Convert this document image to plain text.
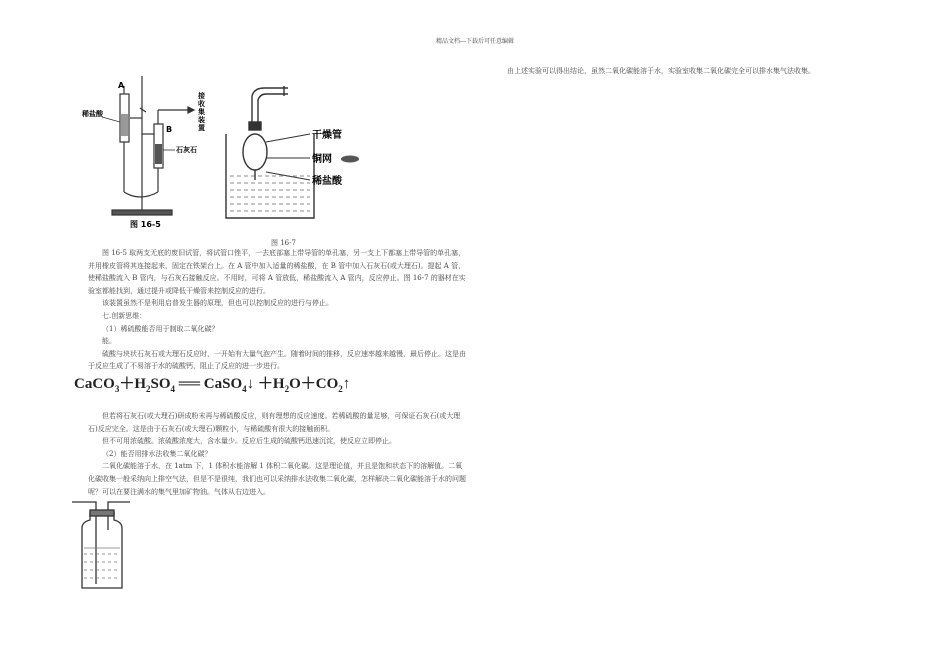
精品文档---下载后可任意编辑
由上述实验可以得出结论，虽然二氧化碳能溶于水，实验室收集二氧化碳完全可以排水集气法收集。
A
B
稀盐酸
石灰石
接
收
集
装
置
图 16-5
干燥管
铜网
稀盐酸
图 16-7

图 16-5 取两支无底的废旧试管，将试管口锉平，一去底部塞上带导管的单孔塞，另一支上下都塞上带导管的单孔塞，并用橡皮管将其连接起来，固定在铁架台上。在 A 管中加入适量的稀盐酸，在 B 管中加入石灰石(或大理石)。提起 A 管，使稀盐酸流入 B 管内，与石灰石接触反应。不用时，可将 A 管放低，稀盐酸流入 A 管内，反应停止。图 16-7 的器材在实验室都能找到，通过提升或降低干燥管来控制反应的进行。

该装置虽然不是利用启普发生器的原理，但也可以控制反应的进行与停止。

七.创新思维：

（1）稀硫酸能否用于制取二氧化碳？

能。

硫酸与块状石灰石或大理石反应时，一开始有大量气泡产生。随着时间的推移，反应速率越来越慢，最后停止。这是由于反应生成了不易溶于水的硫酸钙，阻止了反应的进一步进行。

$CaCO_3+H_2SO_4$ ══ CaSO$_4$↓ $+H_2O+CO_2↑$

但若将石灰石(或大理石)研成粉末再与稀硫酸反应，则有理想的反应速度。若稀硫酸的量足够，可保证石灰石(或大理石)反应完全。这是由于石灰石(或大理石)颗粒小，与稀硫酸有很大的接触面积。

但不可用浓硫酸。浓硫酸浓度大，含水量少。反应后生成的硫酸钙迅速沉淀，使反应立即停止。

（2）能否用排水法收集二氧化碳？

二氧化碳能溶于水，在 1atm 下，1 体积水能溶解 1 体积二氧化碳。这是理论值，并且是饱和状态下的溶解值。二氧化碳收集一般采纳向上排空气法，但是不是很纯，我们也可以采纳排水法收集二氧化碳，怎样解决二氧化碳能溶于水的问题呢？可以在要注满水的集气里加矿物油。气体从右边进入。
